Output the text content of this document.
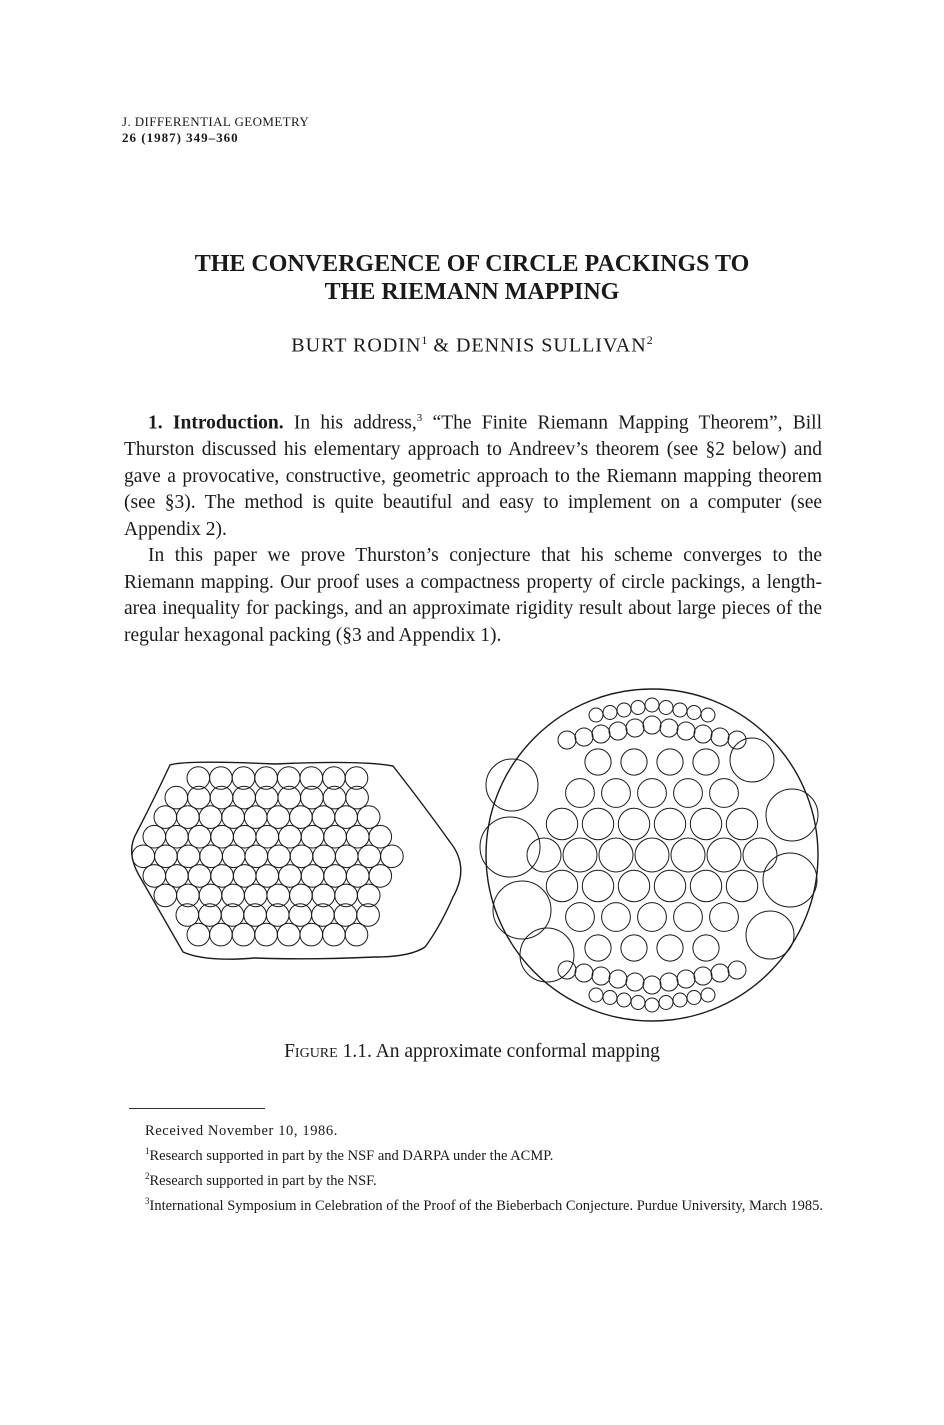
J. DIFFERENTIAL GEOMETRY
26 (1987) 349–360
THE CONVERGENCE OF CIRCLE PACKINGS TO
THE RIEMANN MAPPING
BURT RODIN$^1$ & DENNIS SULLIVAN$^2$

1. Introduction. In his address,$^3$ “The Finite Riemann Mapping Theorem”, Bill Thurston discussed his elementary approach to Andreev’s theorem (see §2 below) and gave a provocative, constructive, geometric approach to the Riemann mapping theorem (see §3). The method is quite beautiful and easy to implement on a computer (see Appendix 2).

In this paper we prove Thurston’s conjecture that his scheme converges to the Riemann mapping. Our proof uses a compactness property of circle packings, a length-area inequality for packings, and an approximate rigidity result about large pieces of the regular hexagonal packing (§3 and Appendix 1).

Figure 1.1. An approximate conformal mapping

Received November 10, 1986.

$^1$Research supported in part by the NSF and DARPA under the ACMP.

$^2$Research supported in part by the NSF.

$^3$International Symposium in Celebration of the Proof of the Bieberbach Conjecture. Purdue University, March 1985.
